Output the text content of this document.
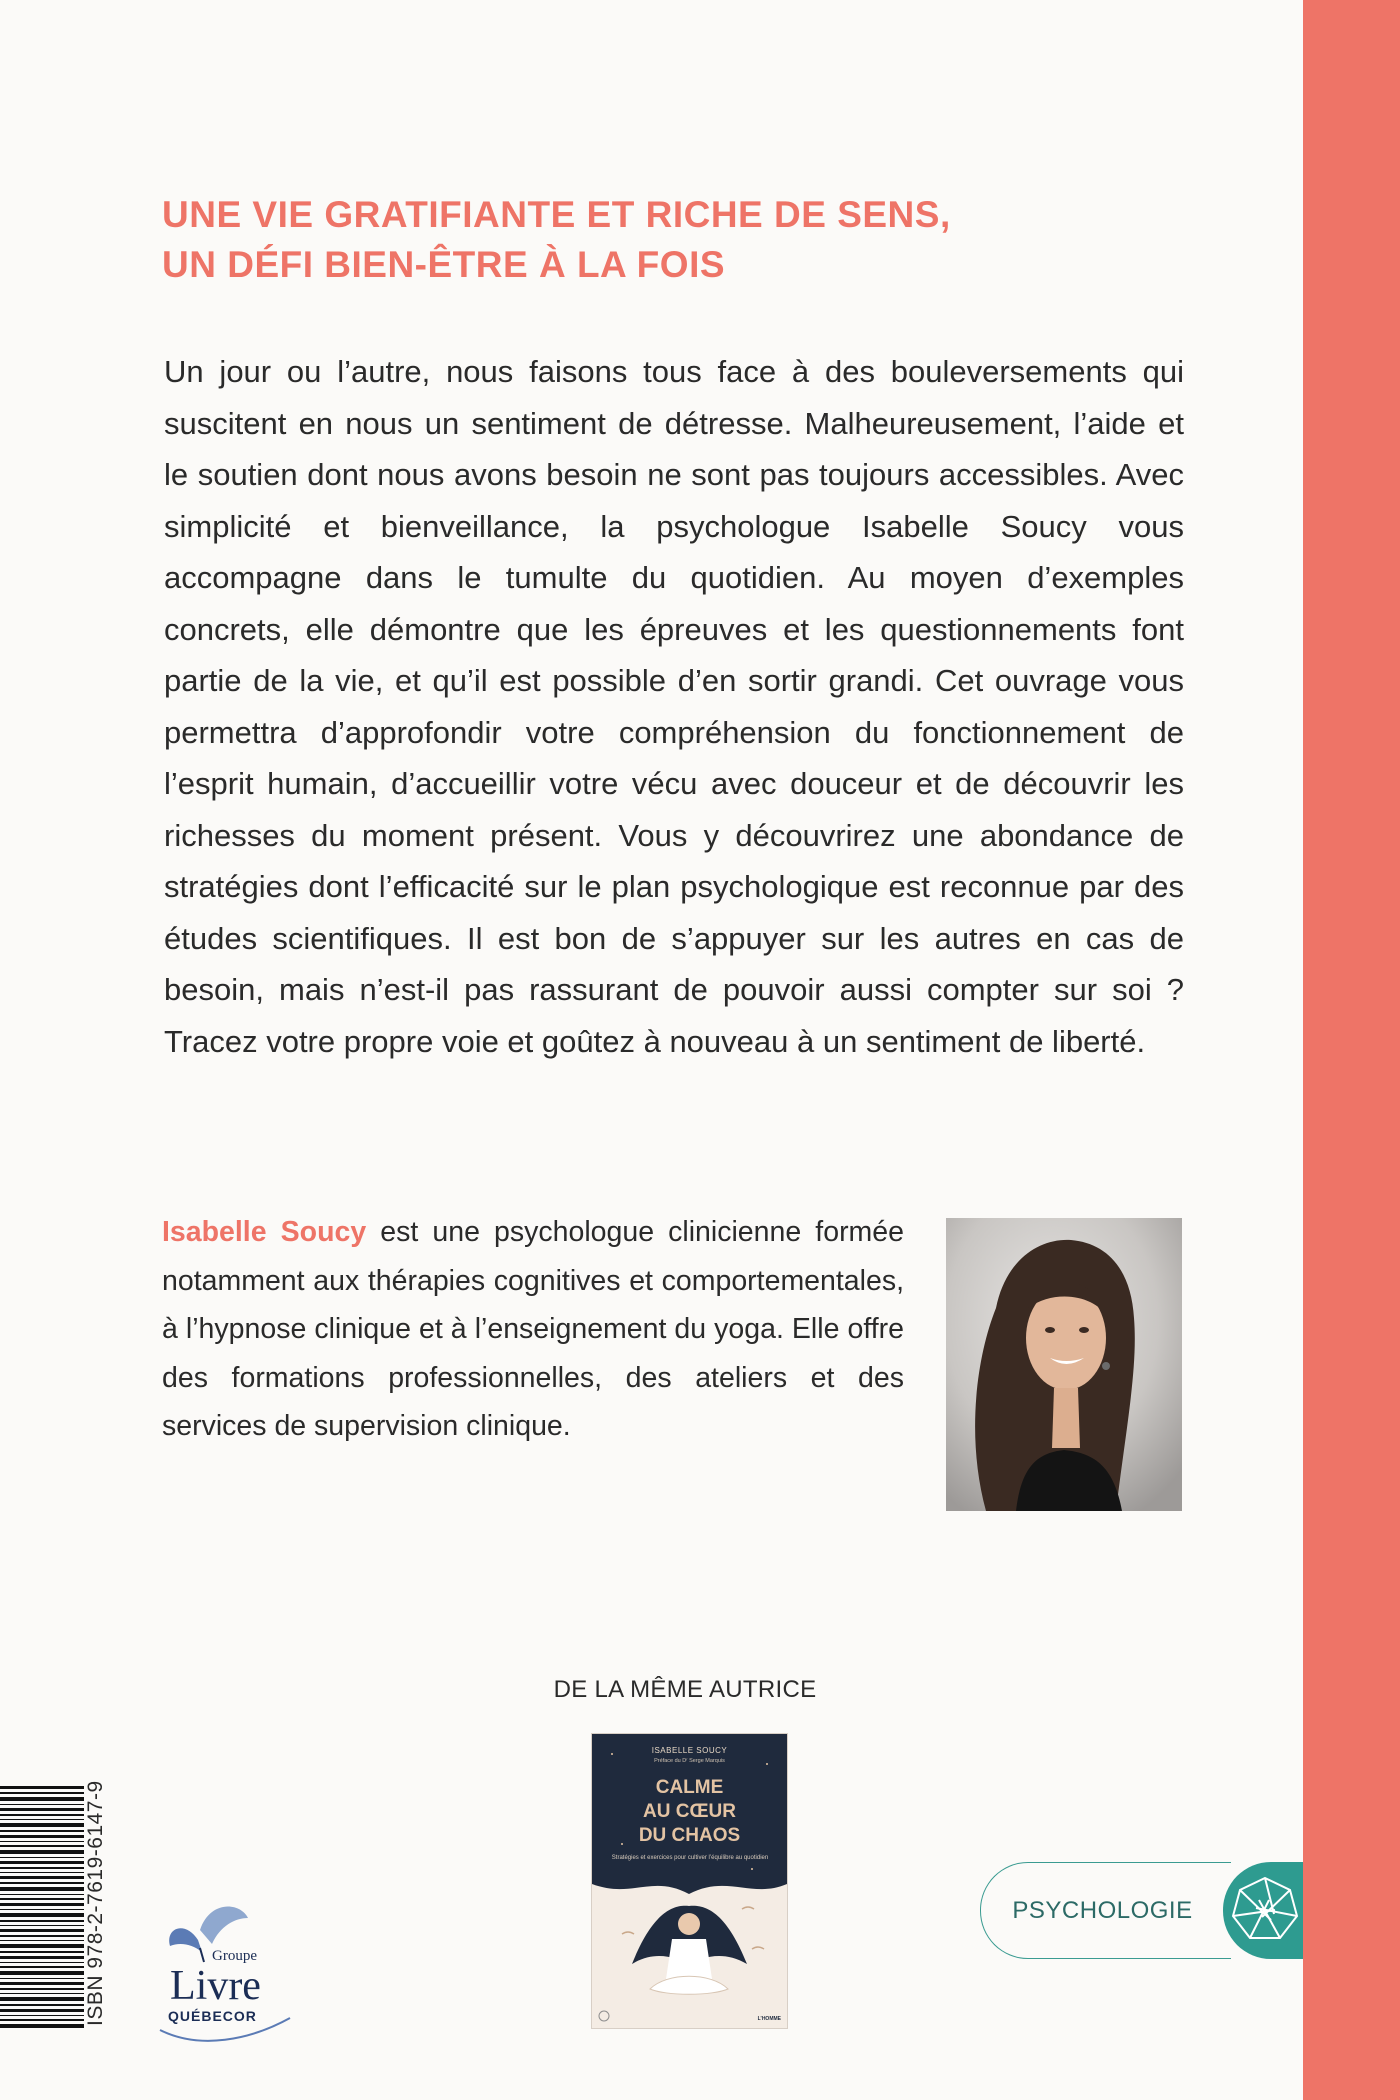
UNE VIE GRATIFIANTE ET RICHE DE SENS,
UN DÉFI BIEN-ÊTRE À LA FOIS

Un jour ou l’autre, nous faisons tous face à des bouleversements qui suscitent en nous un sentiment de détresse. Malheureusement, l’aide et le soutien dont nous avons besoin ne sont pas toujours accessibles. Avec simplicité et bienveillance, la psychologue Isabelle Soucy vous accompagne dans le tumulte du quotidien. Au moyen d’exemples concrets, elle démontre que les épreuves et les questionnements font partie de la vie, et qu’il est possible d’en sortir grandi. Cet ouvrage vous permettra d’approfondir votre compréhension du fonctionnement de l’esprit humain, d’accueillir votre vécu avec douceur et de découvrir les richesses du moment présent. Vous y découvrirez une abondance de stratégies dont l’efficacité sur le plan psychologique est reconnue par des études scientifiques. Il est bon de s’appuyer sur les autres en cas de besoin, mais n’est-il pas rassurant de pouvoir aussi compter sur soi ? Tracez votre propre voie et goûtez à nouveau à un sentiment de liberté.

Isabelle Soucy est une psychologue clinicienne formée notamment aux thérapies cognitives et comportementales, à l’hypnose clinique et à l’enseignement du yoga. Elle offre des formations professionnelles, des ateliers et des services de supervision clinique.

DE LA MÊME AUTRICE
ISABELLE SOUCY
Préface du Dʳ Serge Marquis
CALME
AU CŒUR
DU CHAOS
Stratégies et exercices pour cultiver l’équilibre au quotidien
L’HOMME
PSYCHOLOGIE
ISBN 978-2-7619-6147-9	Groupe
Livre
QUÉBECOR
